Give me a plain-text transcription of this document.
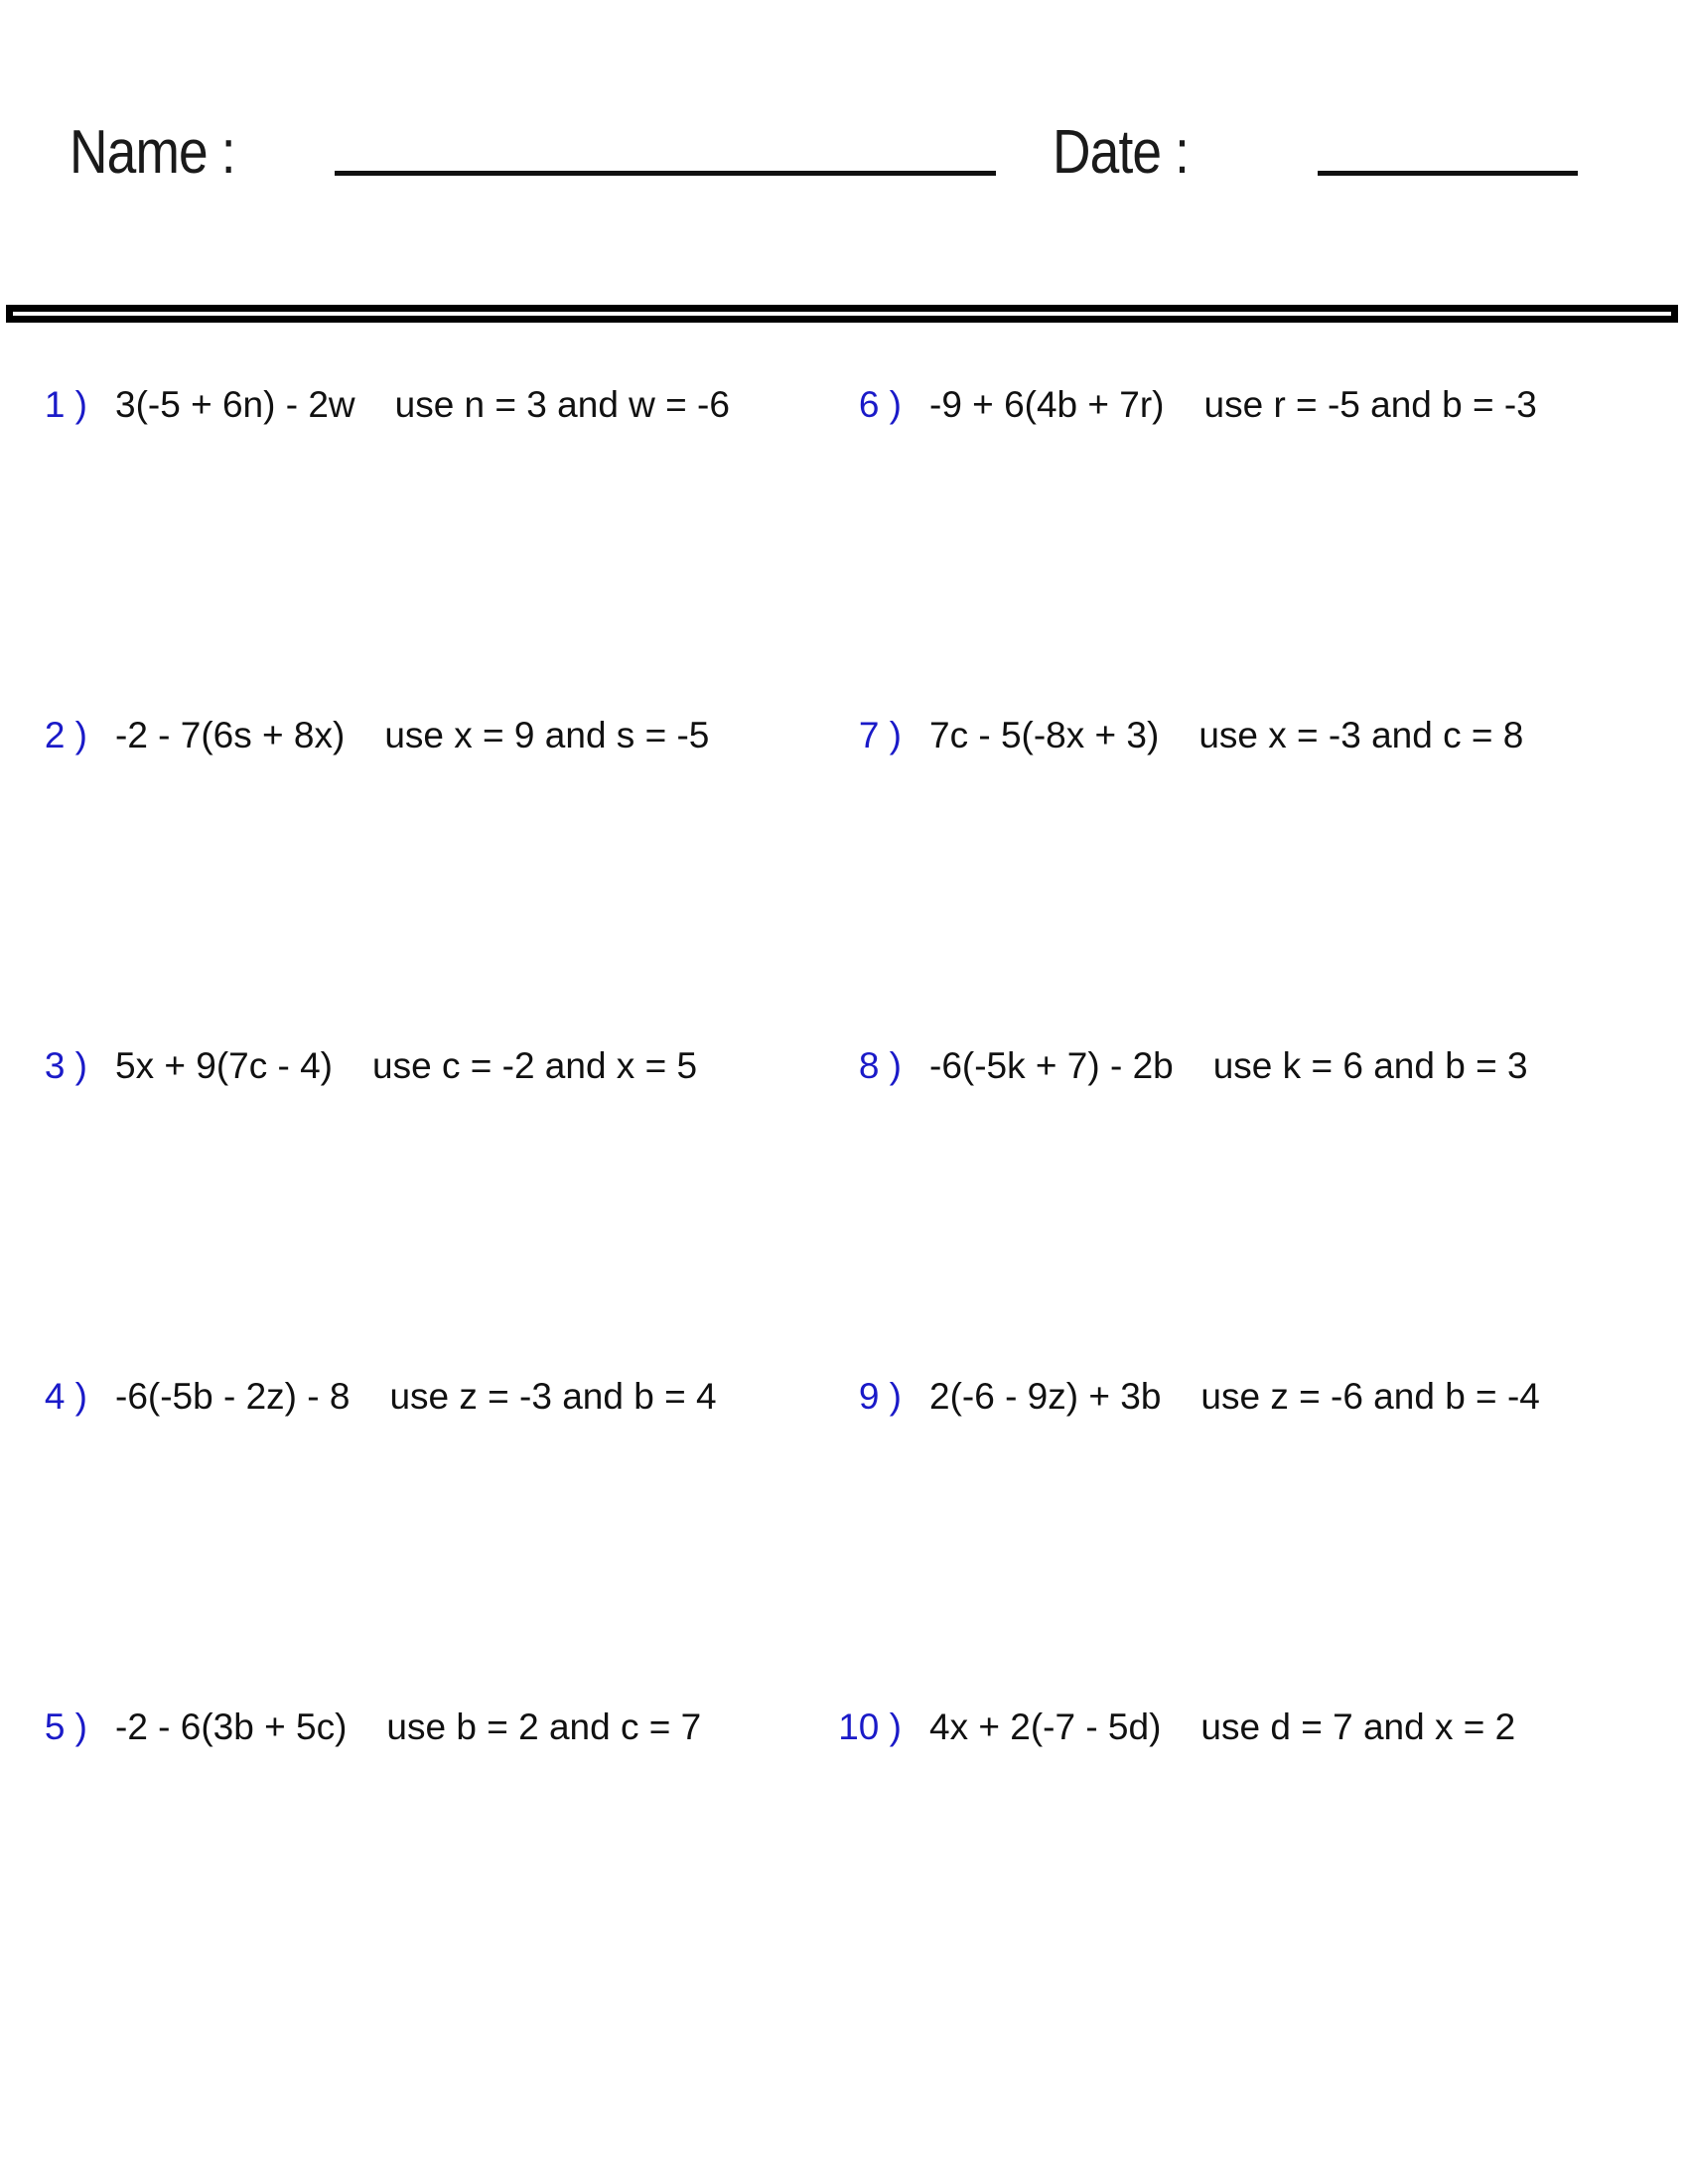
Name :	Date :
1 ) 3(-5 + 6n) - 2w use n = 3 and w = -6
2 ) -2 - 7(6s + 8x) use x = 9 and s = -5
3 ) 5x + 9(7c - 4) use c = -2 and x = 5
4 ) -6(-5b - 2z) - 8 use z = -3 and b = 4
5 ) -2 - 6(3b + 5c) use b = 2 and c = 7
6 ) -9 + 6(4b + 7r) use r = -5 and b = -3
7 ) 7c - 5(-8x + 3) use x = -3 and c = 8
8 ) -6(-5k + 7) - 2b use k = 6 and b = 3
9 ) 2(-6 - 9z) + 3b use z = -6 and b = -4
10 ) 4x + 2(-7 - 5d) use d = 7 and x = 2
